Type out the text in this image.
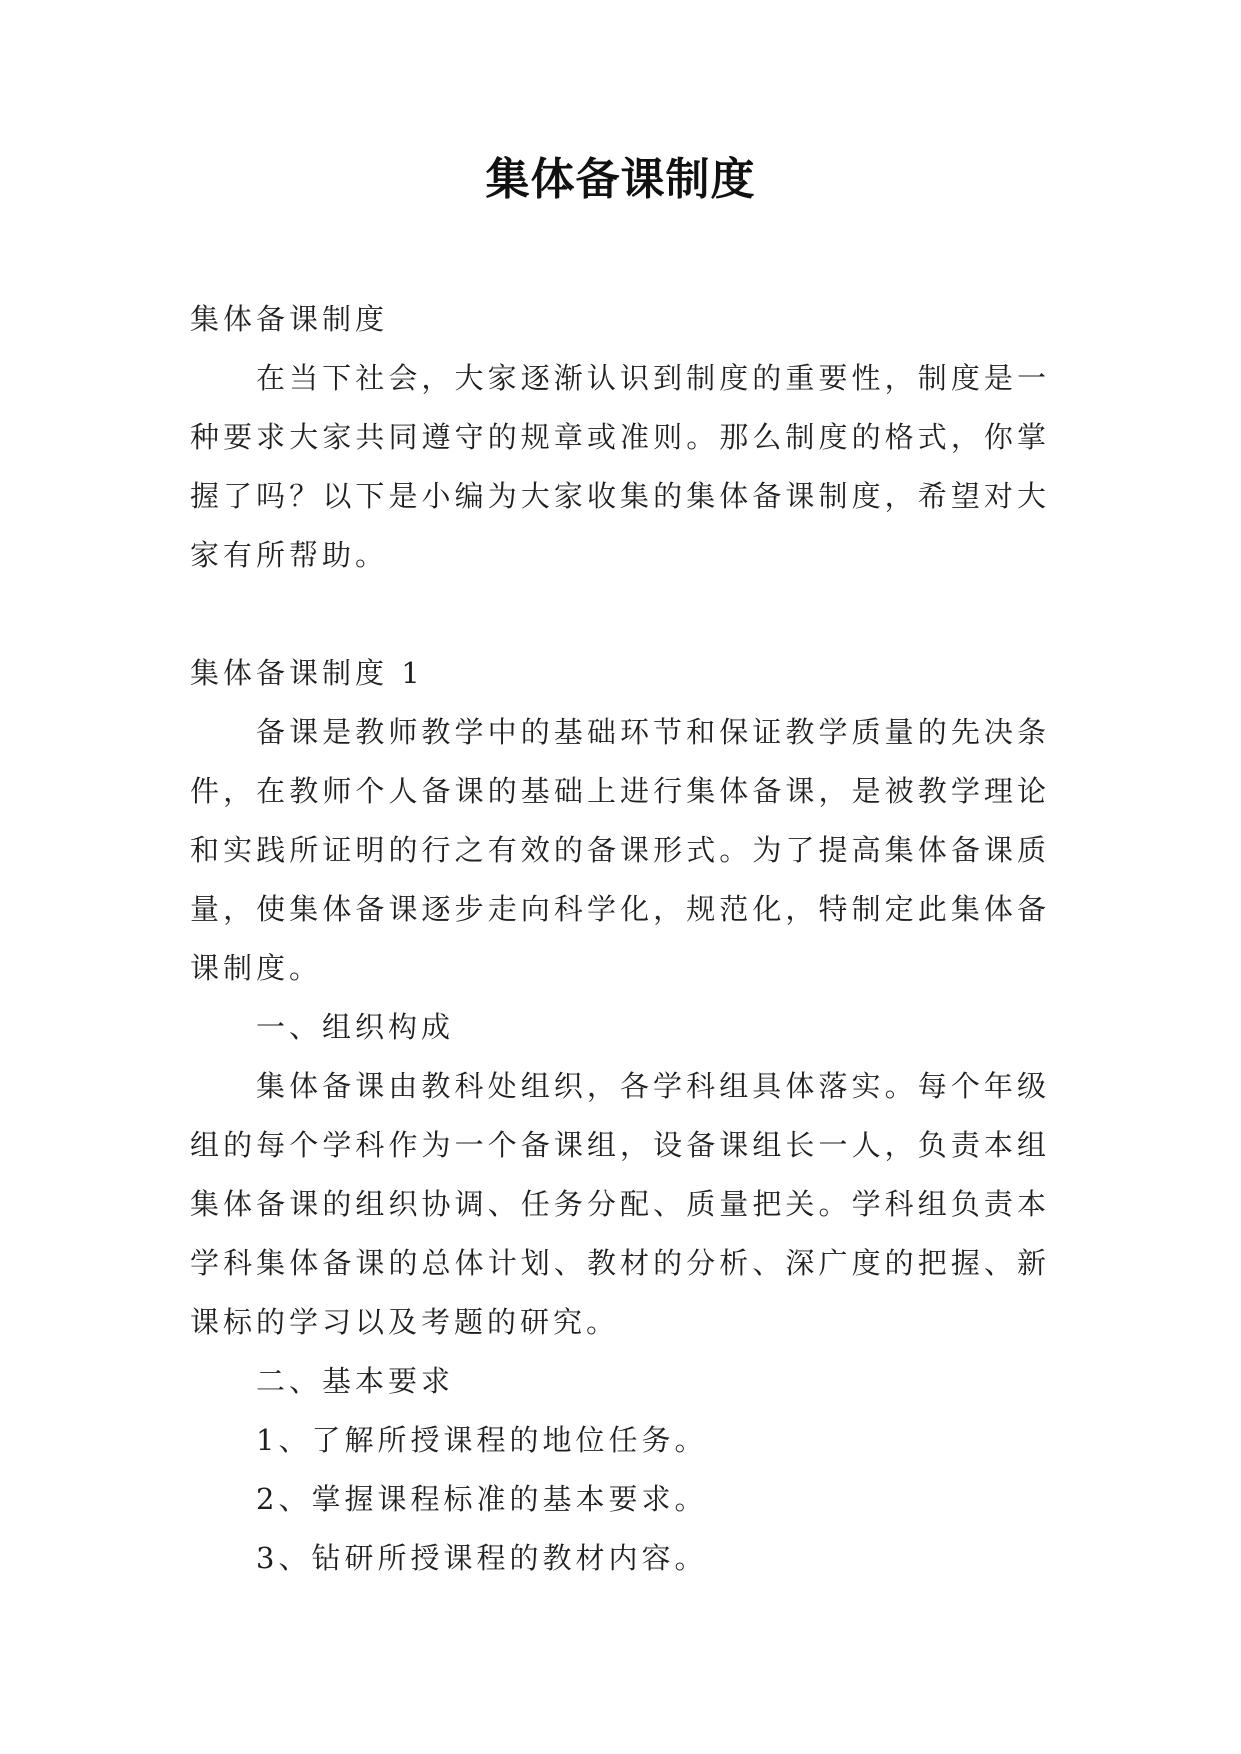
集体备课制度

集体备课制度

在当下社会，大家逐渐认识到制度的重要性，制度是一种要求大家共同遵守的规章或准则。那么制度的格式，你掌握了吗？以下是小编为大家收集的集体备课制度，希望对大家有所帮助。

集体备课制度 1

备课是教师教学中的基础环节和保证教学质量的先决条件，在教师个人备课的基础上进行集体备课，是被教学理论和实践所证明的行之有效的备课形式。为了提高集体备课质量，使集体备课逐步走向科学化，规范化，特制定此集体备课制度。

一、组织构成

集体备课由教科处组织，各学科组具体落实。每个年级组的每个学科作为一个备课组，设备课组长一人，负责本组集体备课的组织协调、任务分配、质量把关。学科组负责本学科集体备课的总体计划、教材的分析、深广度的把握、新课标的学习以及考题的研究。

二、基本要求

1、了解所授课程的地位任务。

2、掌握课程标准的基本要求。

3、钻研所授课程的教材内容。
